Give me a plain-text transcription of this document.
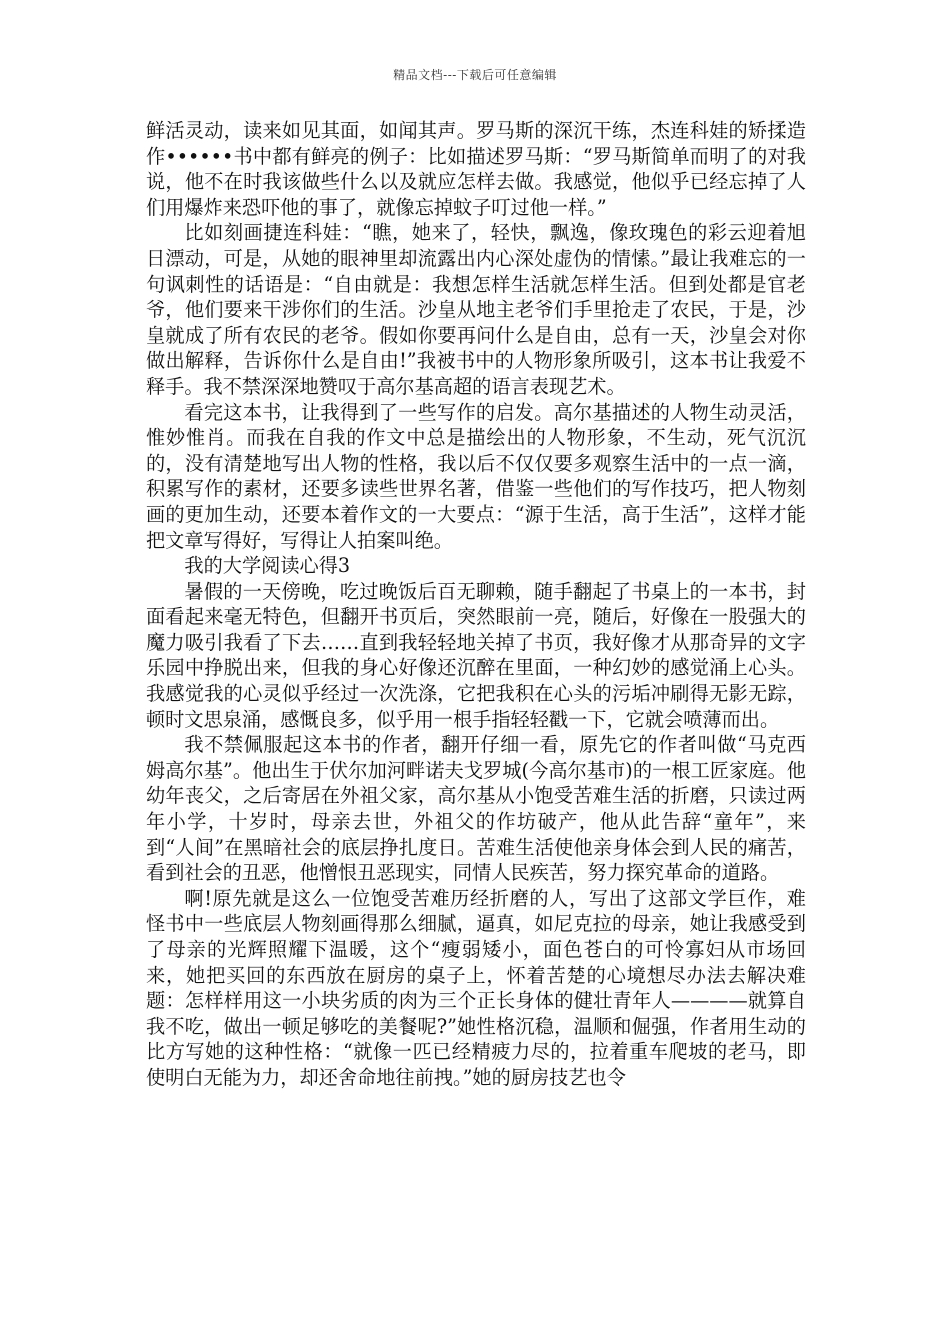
精品文档---下载后可任意编辑

鲜活灵动，读来如见其面，如闻其声。罗马斯的深沉干练，杰连科娃的矫揉造作••••••书中都有鲜亮的例子：比如描述罗马斯：“罗马斯简单而明了的对我说，他不在时我该做些什么以及就应怎样去做。我感觉，他似乎已经忘掉了人们用爆炸来恐吓他的事了，就像忘掉蚊子叮过他一样。”

比如刻画捷连科娃：“瞧，她来了，轻快，飘逸，像玫瑰色的彩云迎着旭日漂动，可是，从她的眼神里却流露出内心深处虚伪的情愫。”最让我难忘的一句讽刺性的话语是：“自由就是：我想怎样生活就怎样生活。但到处都是官老爷，他们要来干涉你们的生活。沙皇从地主老爷们手里抢走了农民，于是，沙皇就成了所有农民的老爷。假如你要再问什么是自由，总有一天，沙皇会对你做出解释，告诉你什么是自由!”我被书中的人物形象所吸引，这本书让我爱不释手。我不禁深深地赞叹于高尔基高超的语言表现艺术。

看完这本书，让我得到了一些写作的启发。高尔基描述的人物生动灵活，惟妙惟肖。而我在自我的作文中总是描绘出的人物形象，不生动，死气沉沉的，没有清楚地写出人物的性格，我以后不仅仅要多观察生活中的一点一滴，积累写作的素材，还要多读些世界名著，借鉴一些他们的写作技巧，把人物刻画的更加生动，还要本着作文的一大要点：“源于生活，高于生活”，这样才能把文章写得好，写得让人拍案叫绝。

我的大学阅读心得3

暑假的一天傍晚，吃过晚饭后百无聊赖，随手翻起了书桌上的一本书，封面看起来毫无特色，但翻开书页后，突然眼前一亮，随后，好像在一股强大的魔力吸引我看了下去……直到我轻轻地关掉了书页，我好像才从那奇异的文字乐园中挣脱出来，但我的身心好像还沉醉在里面，一种幻妙的感觉涌上心头。我感觉我的心灵似乎经过一次洗涤，它把我积在心头的污垢冲刷得无影无踪，顿时文思泉涌，感慨良多，似乎用一根手指轻轻戳一下，它就会喷薄而出。

我不禁佩服起这本书的作者，翻开仔细一看，原先它的作者叫做“马克西姆高尔基”。他出生于伏尔加河畔诺夫戈罗城(今高尔基市)的一根工匠家庭。他幼年丧父，之后寄居在外祖父家，高尔基从小饱受苦难生活的折磨，只读过两年小学，十岁时，母亲去世，外祖父的作坊破产，他从此告辞“童年”，来到“人间”在黑暗社会的底层挣扎度日。苦难生活使他亲身体会到人民的痛苦，看到社会的丑恶，他憎恨丑恶现实，同情人民疾苦，努力探究革命的道路。

啊!原先就是这么一位饱受苦难历经折磨的人，写出了这部文学巨作，难怪书中一些底层人物刻画得那么细腻，逼真，如尼克拉的母亲，她让我感受到了母亲的光辉照耀下温暖，这个“瘦弱矮小，面色苍白的可怜寡妇从市场回来，她把买回的东西放在厨房的桌子上，怀着苦楚的心境想尽办法去解决难题：怎样样用这一小块劣质的肉为三个正长身体的健壮青年人————就算自我不吃，做出一顿足够吃的美餐呢?”她性格沉稳，温顺和倔强，作者用生动的比方写她的这种性格：“就像一匹已经精疲力尽的，拉着重车爬坡的老马，即使明白无能为力，却还舍命地往前拽。”她的厨房技艺也令
